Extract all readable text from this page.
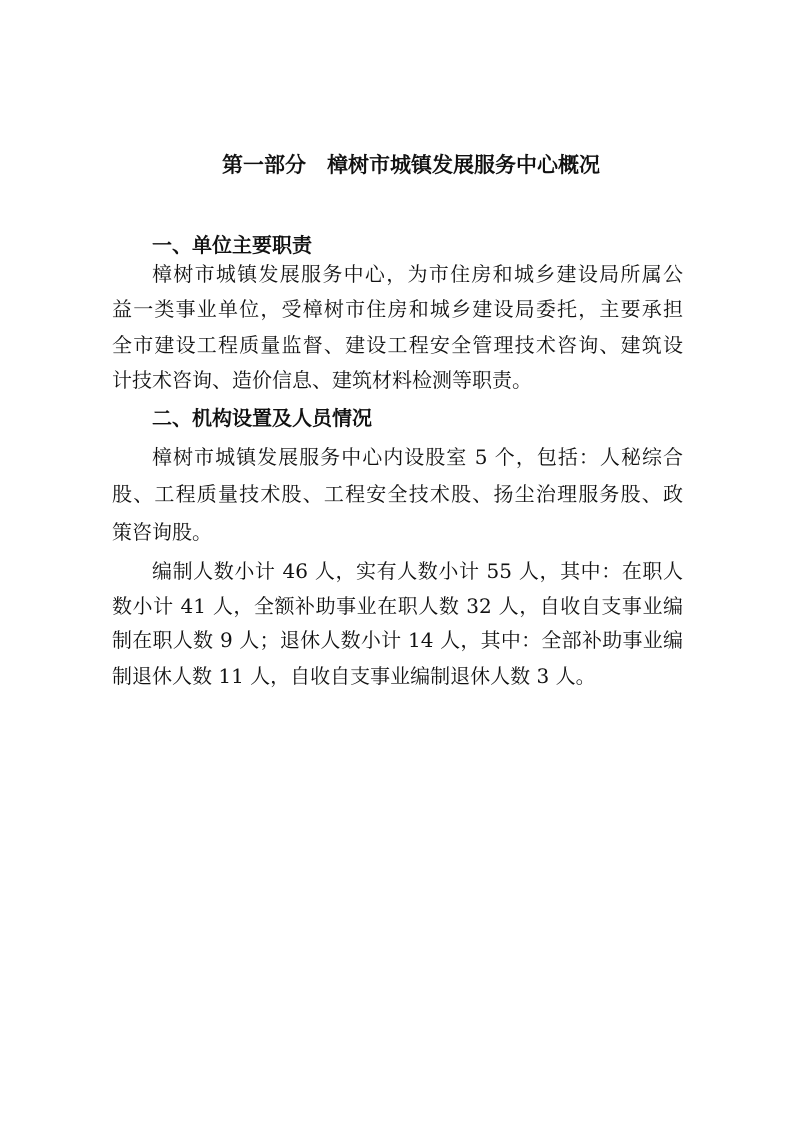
第一部分　樟树市城镇发展服务中心概况
一、单位主要职责
樟树市城镇发展服务中心，为市住房和城乡建设局所属公
益一类事业单位，受樟树市住房和城乡建设局委托，主要承担
全市建设工程质量监督、建设工程安全管理技术咨询、建筑设
计技术咨询、造价信息、建筑材料检测等职责。
二、机构设置及人员情况
樟树市城镇发展服务中心内设股室 5 个，包括：人秘综合
股、工程质量技术股、工程安全技术股、扬尘治理服务股、政
策咨询股。
编制人数小计 46 人，实有人数小计 55 人，其中：在职人
数小计 41 人，全额补助事业在职人数 32 人，自收自支事业编
制在职人数 9 人；退休人数小计 14 人，其中：全部补助事业编
制退休人数 11 人，自收自支事业编制退休人数 3 人。
